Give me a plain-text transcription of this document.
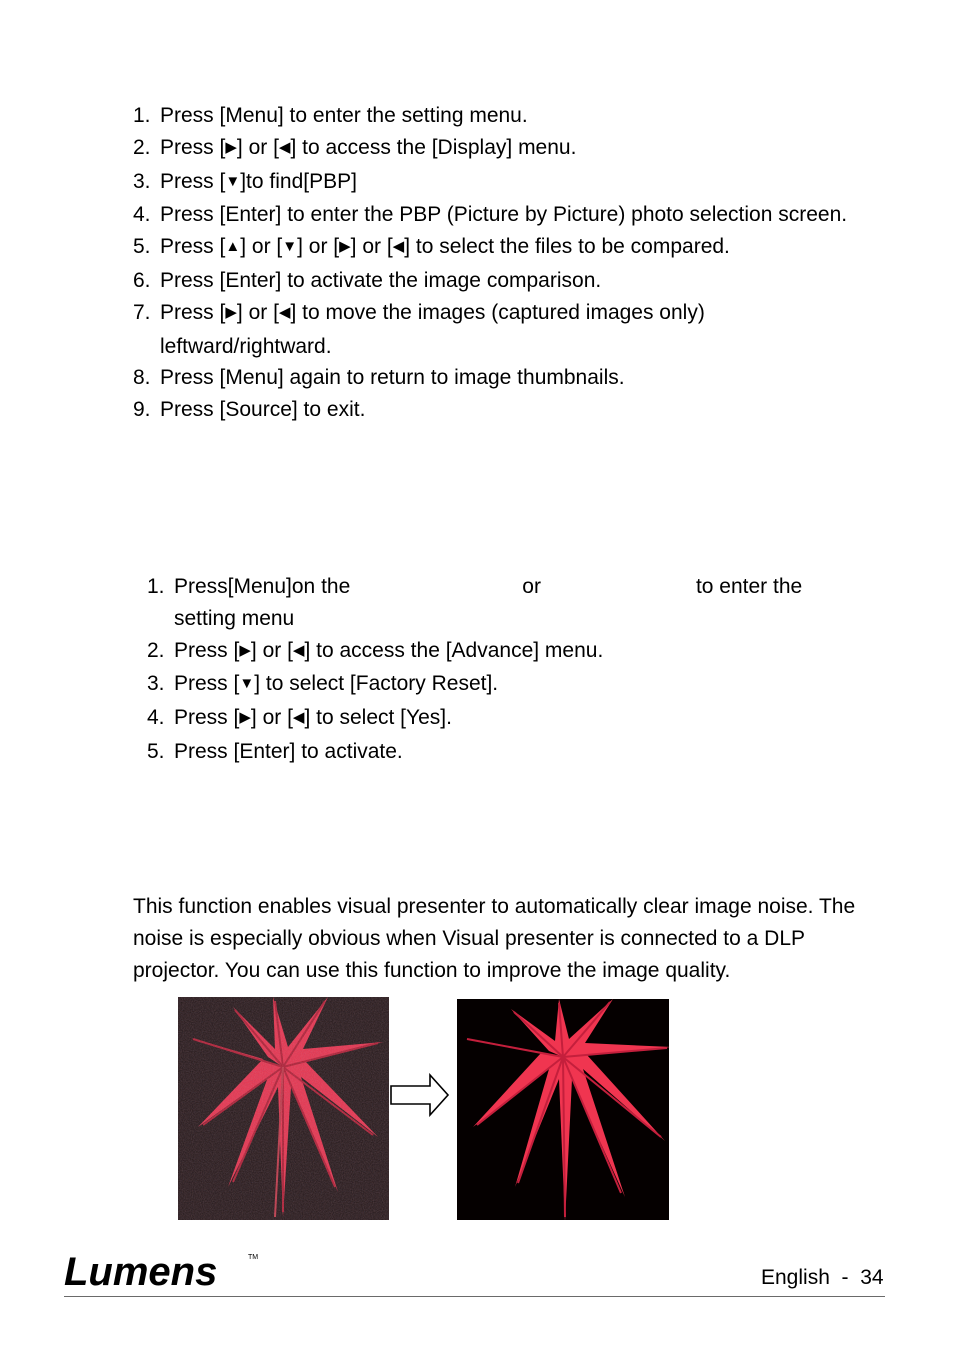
1. Press [Menu] to enter the setting menu.
2. Press [▶] or [◀] to access the [Display] menu.
3. Press [▼]to find[PBP]
4. Press [Enter] to enter the PBP (Picture by Picture) photo selection screen.
5. Press [▲] or [▼] or [▶] or [◀] to select the files to be compared.
6. Press [Enter] to activate the image comparison.
7. Press [▶] or [◀] to move the images (captured images only) leftward/rightward.
8. Press [Menu] again to return to image thumbnails.
9. Press [Source] to exit.
1. Press[Menu]on the	or	to enter the
setting menu
2. Press [▶] or [◀] to access the [Advance] menu.
3. Press [▼] to select [Factory Reset].
4. Press [▶] or [◀] to select [Yes].
5. Press [Enter] to activate.

This function enables visual presenter to automatically clear image noise. The noise is especially obvious when Visual presenter is connected to a DLP projector. You can use this function to improve the image quality.

Lumens	TM
English  -  34
